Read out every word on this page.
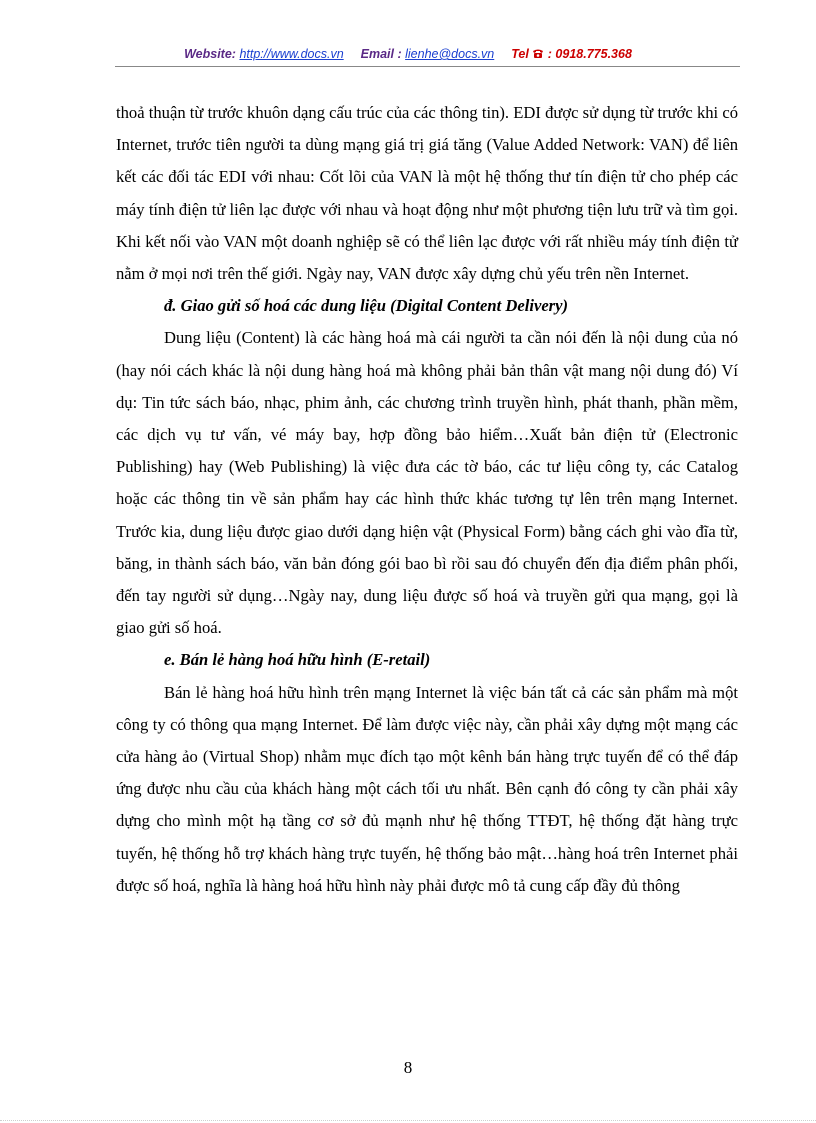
Website: http://www.docs.vn Email : lienhe@docs.vn Tel : 0918.775.368

thoả thuận từ trước khuôn dạng cấu trúc của các thông tin). EDI được sử dụng từ trước khi có Internet, trước tiên người ta dùng mạng giá trị giá tăng (Value Added Network: VAN) để liên kết các đối tác EDI với nhau: Cốt lõi của VAN là một hệ thống thư tín điện tử cho phép các máy tính điện tử liên lạc được với nhau và hoạt động như một phương tiện lưu trữ và tìm gọi. Khi kết nối vào VAN một doanh nghiệp sẽ có thể liên lạc được với rất nhiều máy tính điện tử nằm ở mọi nơi trên thế giới. Ngày nay, VAN được xây dựng chủ yếu trên nền Internet.

đ. Giao gửi số hoá các dung liệu (Digital Content Delivery)

Dung liệu (Content) là các hàng hoá mà cái người ta cần nói đến là nội dung của nó (hay nói cách khác là nội dung hàng hoá mà không phải bản thân vật mang nội dung đó) Ví dụ: Tin tức sách báo, nhạc, phim ảnh, các chương trình truyền hình, phát thanh, phần mềm, các dịch vụ tư vấn, vé máy bay, hợp đồng bảo hiểm…Xuất bản điện tử (Electronic Publishing) hay (Web Publishing) là việc đưa các tờ báo, các tư liệu công ty, các Catalog hoặc các thông tin về sản phẩm hay các hình thức khác tương tự lên trên mạng Internet. Trước kia, dung liệu được giao dưới dạng hiện vật (Physical Form) bằng cách ghi vào đĩa từ, băng, in thành sách báo, văn bản đóng gói bao bì rồi sau đó chuyển đến địa điểm phân phối, đến tay người sử dụng…Ngày nay, dung liệu được số hoá và truyền gửi qua mạng, gọi là giao gửi số hoá.

e. Bán lẻ hàng hoá hữu hình (E-retail)

Bán lẻ hàng hoá hữu hình trên mạng Internet là việc bán tất cả các sản phẩm mà một công ty có thông qua mạng Internet. Để làm được việc này, cần phải xây dựng một mạng các cửa hàng ảo (Virtual Shop) nhằm mục đích tạo một kênh bán hàng trực tuyến để có thể đáp ứng được nhu cầu của khách hàng một cách tối ưu nhất. Bên cạnh đó công ty cần phải xây dựng cho mình một hạ tầng cơ sở đủ mạnh như hệ thống TTĐT, hệ thống đặt hàng trực tuyến, hệ thống hỗ trợ khách hàng trực tuyến, hệ thống bảo mật…hàng hoá trên Internet phải được số hoá, nghĩa là hàng hoá hữu hình này phải được mô tả cung cấp đầy đủ thông

8
